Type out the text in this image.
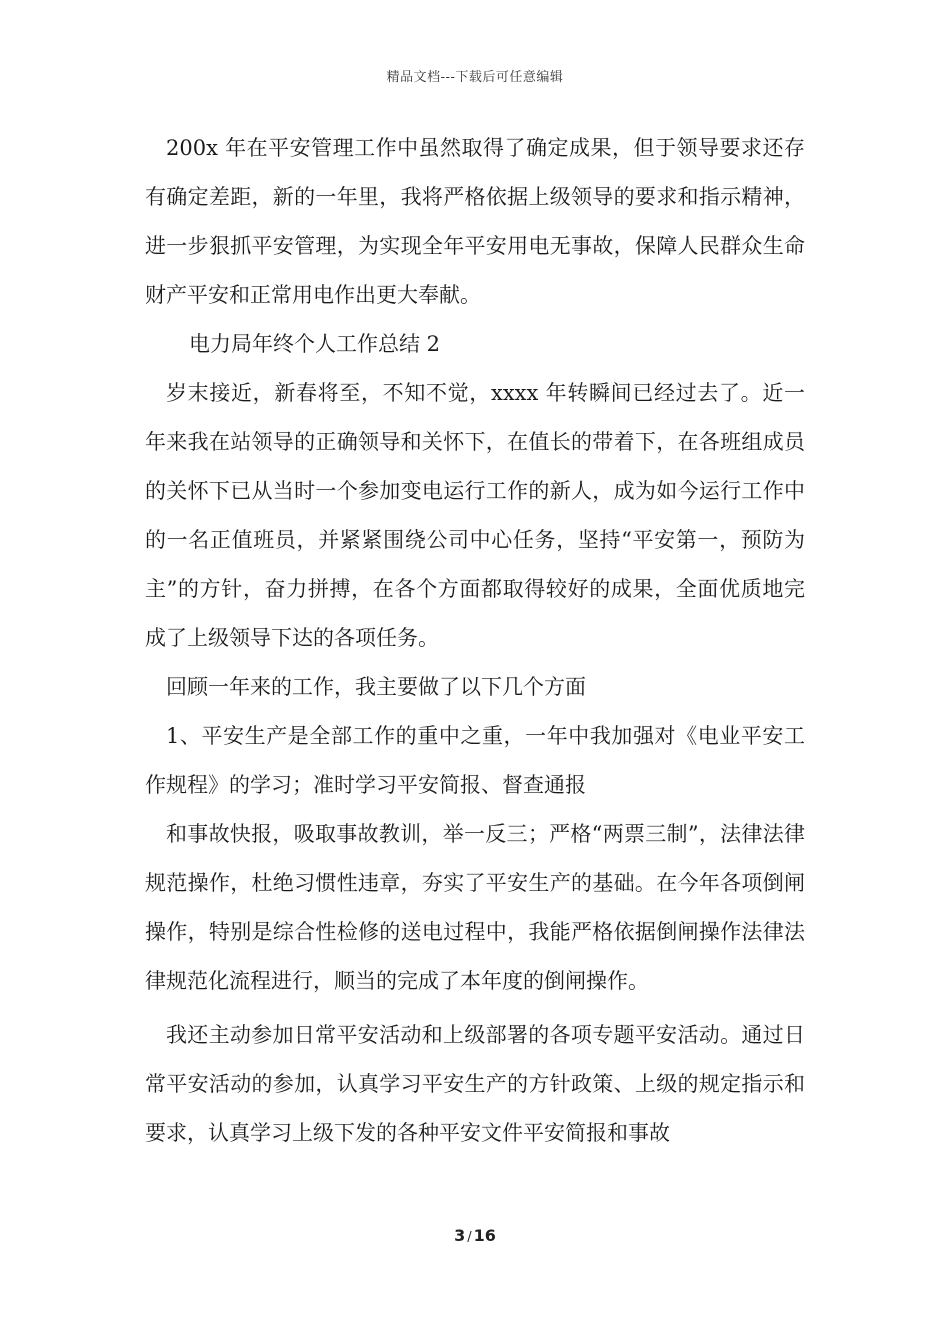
精品文档---下载后可任意编辑

200x 年在平安管理工作中虽然取得了确定成果，但于领导要求还存有确定差距，新的一年里，我将严格依据上级领导的要求和指示精神，进一步狠抓平安管理，为实现全年平安用电无事故，保障人民群众生命财产平安和正常用电作出更大奉献。

电力局年终个人工作总结 2

岁末接近，新春将至，不知不觉，xxxx 年转瞬间已经过去了。近一年来我在站领导的正确领导和关怀下，在值长的带着下，在各班组成员的关怀下已从当时一个参加变电运行工作的新人，成为如今运行工作中的一名正值班员，并紧紧围绕公司中心任务，坚持“平安第一，预防为主”的方针，奋力拼搏，在各个方面都取得较好的成果，全面优质地完成了上级领导下达的各项任务。

回顾一年来的工作，我主要做了以下几个方面

1、平安生产是全部工作的重中之重，一年中我加强对《电业平安工作规程》的学习；准时学习平安简报、督查通报

和事故快报，吸取事故教训，举一反三；严格“两票三制”，法律法律规范操作，杜绝习惯性违章，夯实了平安生产的基础。在今年各项倒闸操作，特别是综合性检修的送电过程中，我能严格依据倒闸操作法律法律规范化流程进行，顺当的完成了本年度的倒闸操作。

我还主动参加日常平安活动和上级部署的各项专题平安活动。通过日常平安活动的参加，认真学习平安生产的方针政策、上级的规定指示和要求，认真学习上级下发的各种平安文件平安简报和事故

3 / 16
